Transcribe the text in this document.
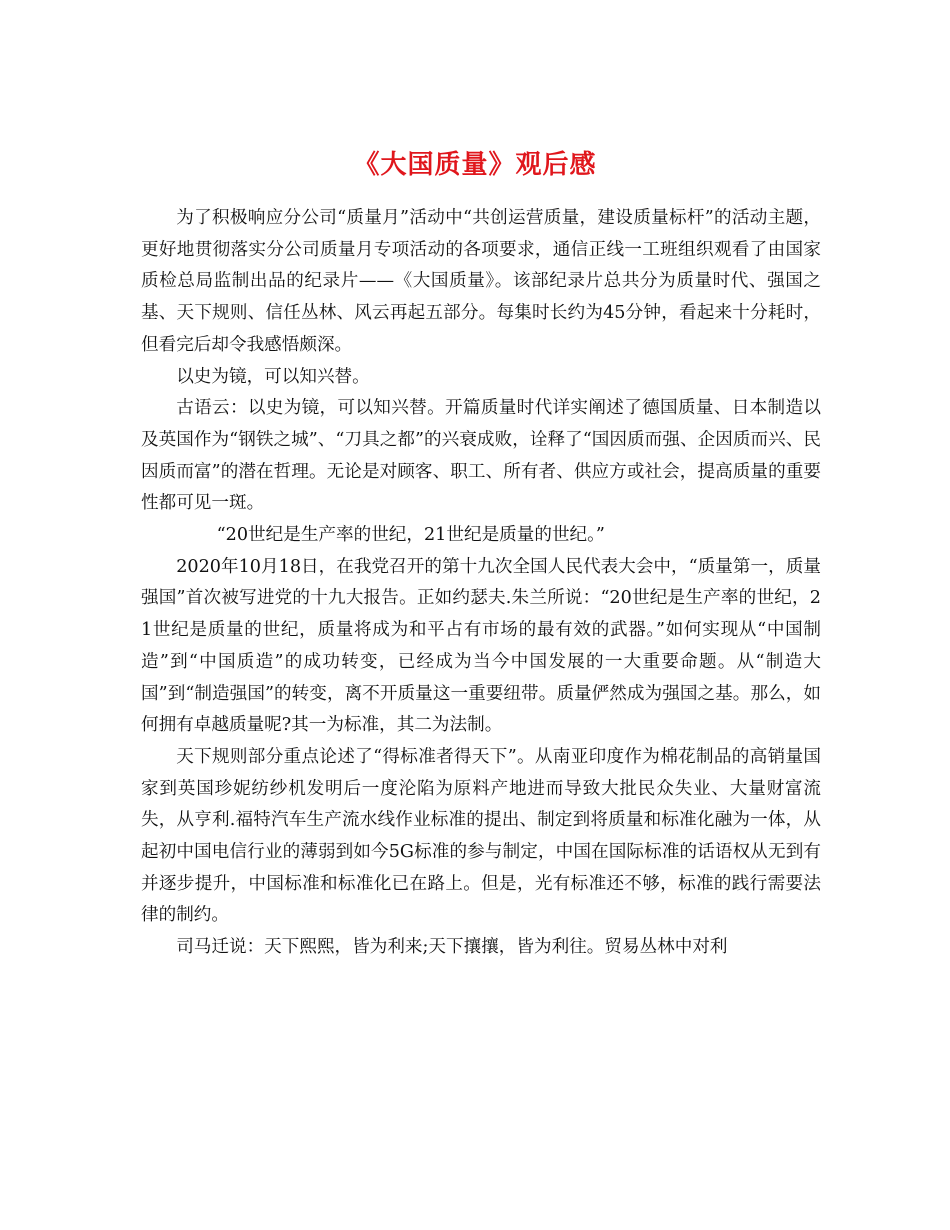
《大国质量》观后感

为了积极响应分公司“质量月”活动中“共创运营质量，建设质量标杆”的活动主题，更好地贯彻落实分公司质量月专项活动的各项要求，通信正线一工班组织观看了由国家质检总局监制出品的纪录片——《大国质量》。该部纪录片总共分为质量时代、强国之基、天下规则、信任丛林、风云再起五部分。每集时长约为45分钟，看起来十分耗时，但看完后却令我感悟颇深。

以史为镜，可以知兴替。

古语云：以史为镜，可以知兴替。开篇质量时代详实阐述了德国质量、日本制造以及英国作为“钢铁之城”、“刀具之都”的兴衰成败，诠释了“国因质而强、企因质而兴、民因质而富”的潜在哲理。无论是对顾客、职工、所有者、供应方或社会，提高质量的重要性都可见一斑。

“20世纪是生产率的世纪，21世纪是质量的世纪。”

2020年10月18日，在我党召开的第十九次全国人民代表大会中，“质量第一，质量强国”首次被写进党的十九大报告。正如约瑟夫.朱兰所说：“20世纪是生产率的世纪，21世纪是质量的世纪，质量将成为和平占有市场的最有效的武器。”如何实现从“中国制造”到“中国质造”的成功转变，已经成为当今中国发展的一大重要命题。从“制造大国”到“制造强国”的转变，离不开质量这一重要纽带。质量俨然成为强国之基。那么，如何拥有卓越质量呢?其一为标准，其二为法制。

天下规则部分重点论述了“得标准者得天下”。从南亚印度作为棉花制品的高销量国家到英国珍妮纺纱机发明后一度沦陷为原料产地进而导致大批民众失业、大量财富流失，从亨利.福特汽车生产流水线作业标准的提出、制定到将质量和标准化融为一体，从起初中国电信行业的薄弱到如今5G标准的参与制定，中国在国际标准的话语权从无到有并逐步提升，中国标准和标准化已在路上。但是，光有标准还不够，标准的践行需要法律的制约。

司马迁说：天下熙熙，皆为利来;天下攘攘，皆为利往。贸易丛林中对利
